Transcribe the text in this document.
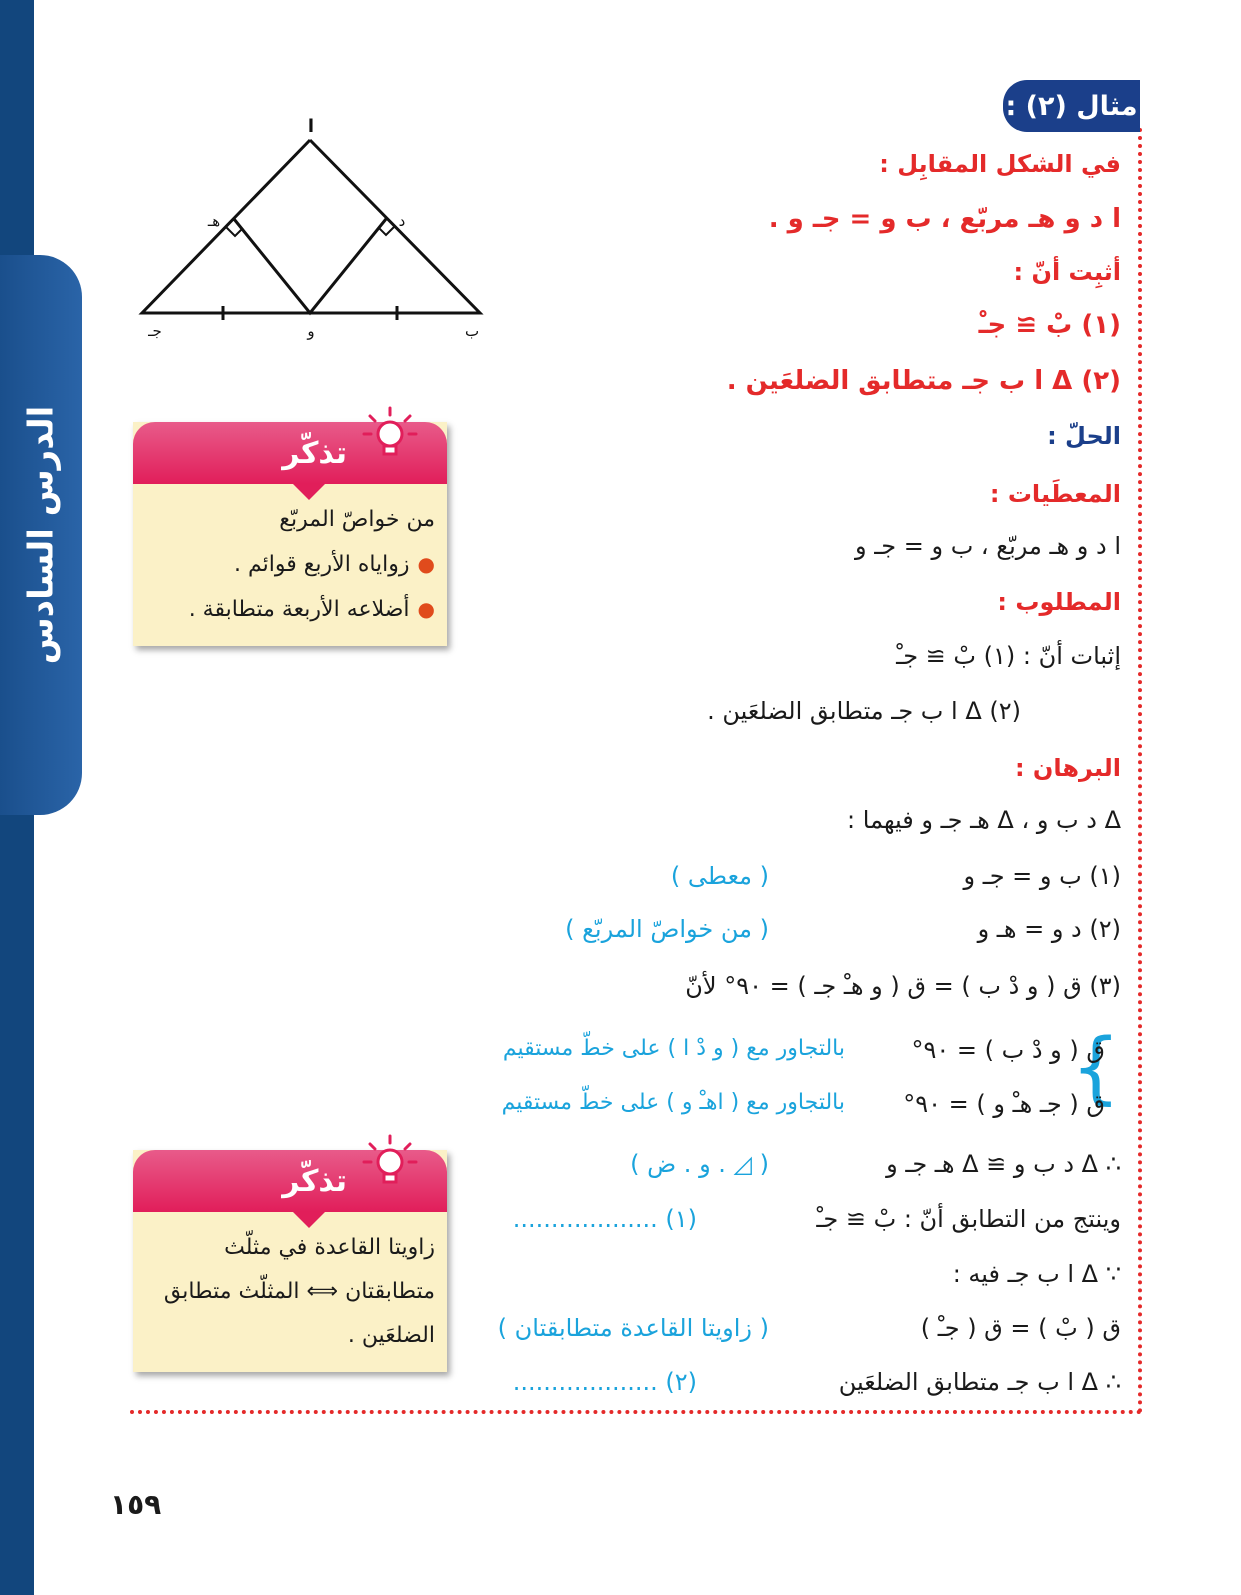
الدرس السادس
مثال (٢) :
ا
ب
جـ	و
د
هـ
في الشكل المقابِل :
ا د و هـ مربّع ، ب و = جـ و .
أثبِت أنّ :
(١) بْ ≅ جـْ
(٢) Δ ا ب جـ متطابق الضلعَين .
الحلّ :
المعطَيات :
ا د و هـ مربّع ، ب و = جـ و
المطلوب :
إثبات أنّ : (١) بْ ≅ جـْ
(٢) Δ ا ب جـ متطابق الضلعَين .
البرهان :
Δ د ب و ، Δ هـ جـ و فيهما :
(١) ب و = جـ و
( معطى )
(٢) د و = هـ و
( من خواصّ المربّع )
(٣) ق ( و دْ ب ) = ق ( و هـْ جـ ) = ٩٠° لأنّ
{
ق ( و دْ ب ) = ٩٠°
بالتجاور مع ( و دْ ا ) على خطّ مستقيم
ق ( جـ هـْ و ) = ٩٠°
بالتجاور مع ( اهـْ و ) على خطّ مستقيم
∴ Δ د ب و ≅ Δ هـ جـ و
( ◿ . و . ض )
وينتج من التطابق أنّ : بْ ≅ جـْ
(١) ...................
∵ Δ ا ب جـ فيه :
ق ( بْ ) = ق ( جـْ )
( زاويتا القاعدة متطابقتان )
∴ Δ ا ب جـ متطابق الضلعَين
(٢) ...................
تذكّر
من خواصّ المربّع
●زواياه الأربع قوائم .
●أضلاعه الأربعة متطابقة .
تذكّر
زاويتا القاعدة في مثلّث
متطابقتان ⟺ المثلّث متطابق
الضلعَين .
١٥٩
